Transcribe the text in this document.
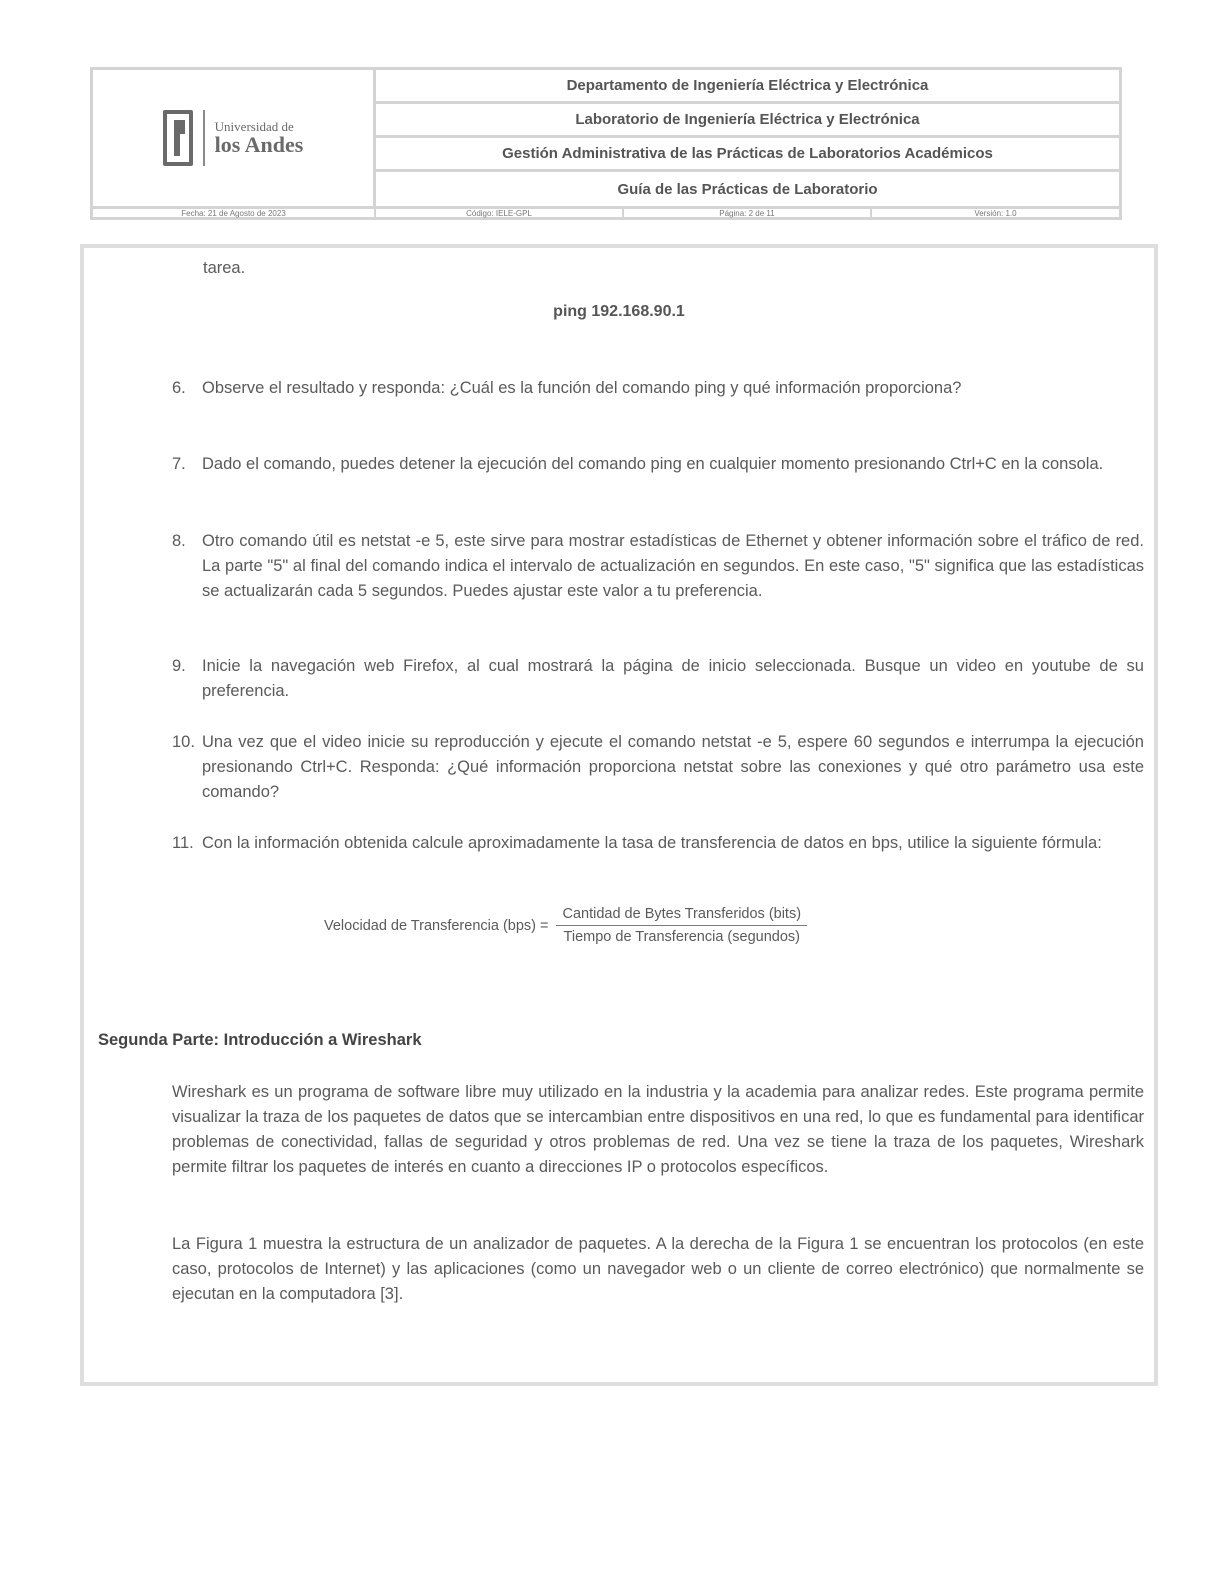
Universidad de
los Andes
Departamento de Ingeniería Eléctrica y Electrónica
Laboratorio de Ingeniería Eléctrica y Electrónica
Gestión Administrativa de las Prácticas de Laboratorios Académicos
Guía de las Prácticas de Laboratorio
Fecha: 21 de Agosto de 2023	Código: IELE-GPL	Página: 2 de 11	Versión: 1.0
tarea.
ping 192.168.90.1
6. Observe el resultado y responda: ¿Cuál es la función del comando ping y qué información proporciona?
7. Dado el comando, puedes detener la ejecución del comando ping en cualquier momento presionando Ctrl+C en la consola.
8. Otro comando útil es netstat -e 5, este sirve para mostrar estadísticas de Ethernet y obtener información sobre el tráfico de red. La parte "5" al final del comando indica el intervalo de actualización en segundos. En este caso, "5" significa que las estadísticas se actualizarán cada 5 segundos. Puedes ajustar este valor a tu preferencia.
9. Inicie la navegación web Firefox, al cual mostrará la página de inicio seleccionada. Busque un video en youtube de su preferencia.
10. Una vez que el video inicie su reproducción y ejecute el comando netstat -e 5, espere 60 segundos e interrumpa la ejecución presionando Ctrl+C. Responda: ¿Qué información proporciona netstat sobre las conexiones y qué otro parámetro usa este comando?
11. Con la información obtenida calcule aproximadamente la tasa de transferencia de datos en bps, utilice la siguiente fórmula:
Velocidad de Transferencia $(bps) = \frac{\text{Cantidad de Bytes Transferidos (bits)}}{\text{Tiempo de Transferencia (segundos)}}$
Segunda Parte: Introducción a Wireshark
Wireshark es un programa de software libre muy utilizado en la industria y la academia para analizar redes. Este programa permite visualizar la traza de los paquetes de datos que se intercambian entre dispositivos en una red, lo que es fundamental para identificar problemas de conectividad, fallas de seguridad y otros problemas de red. Una vez se tiene la traza de los paquetes, Wireshark permite filtrar los paquetes de interés en cuanto a direcciones IP o protocolos específicos.
La Figura 1 muestra la estructura de un analizador de paquetes. A la derecha de la Figura 1 se encuentran los protocolos (en este caso, protocolos de Internet) y las aplicaciones (como un navegador web o un cliente de correo electrónico) que normalmente se ejecutan en la computadora [3].
